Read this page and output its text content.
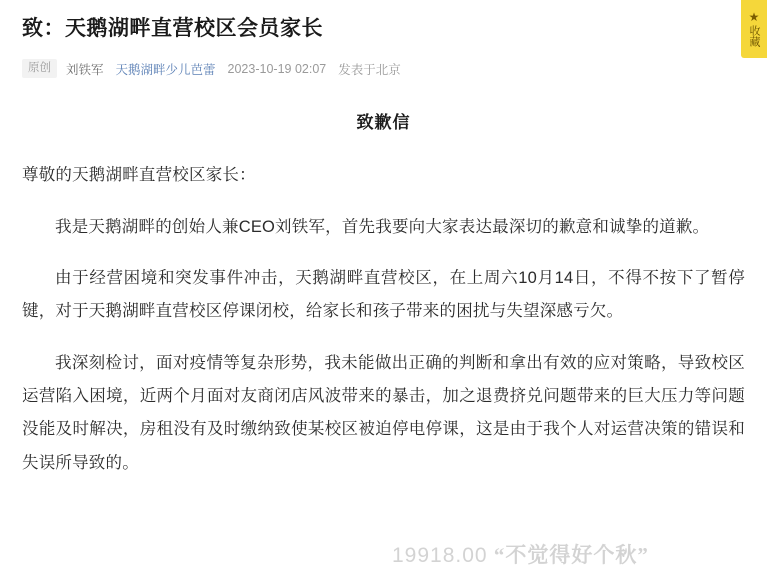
致：天鹅湖畔直营校区会员家长
原创	刘铁军 天鹅湖畔少儿芭蕾 2023-10-19 02:07 发表于北京
致歉信

尊敬的天鹅湖畔直营校区家长：

我是天鹅湖畔的创始人兼CEO刘铁军，首先我要向大家表达最深切的歉意和诚挚的道歉。

由于经营困境和突发事件冲击，天鹅湖畔直营校区，在上周六10月14日，不得不按下了暂停键，对于天鹅湖畔直营校区停课闭校，给家长和孩子带来的困扰与失望深感亏欠。

我深刻检讨，面对疫情等复杂形势，我未能做出正确的判断和拿出有效的应对策略，导致校区运营陷入困境，近两个月面对友商闭店风波带来的暴击，加之退费挤兑问题带来的巨大压力等问题没能及时解决，房租没有及时缴纳致使某校区被迫停电停课，这是由于我个人对运营决策的错误和失误所导致的。

★
收藏
19918.00 “不觉得好个秋”
